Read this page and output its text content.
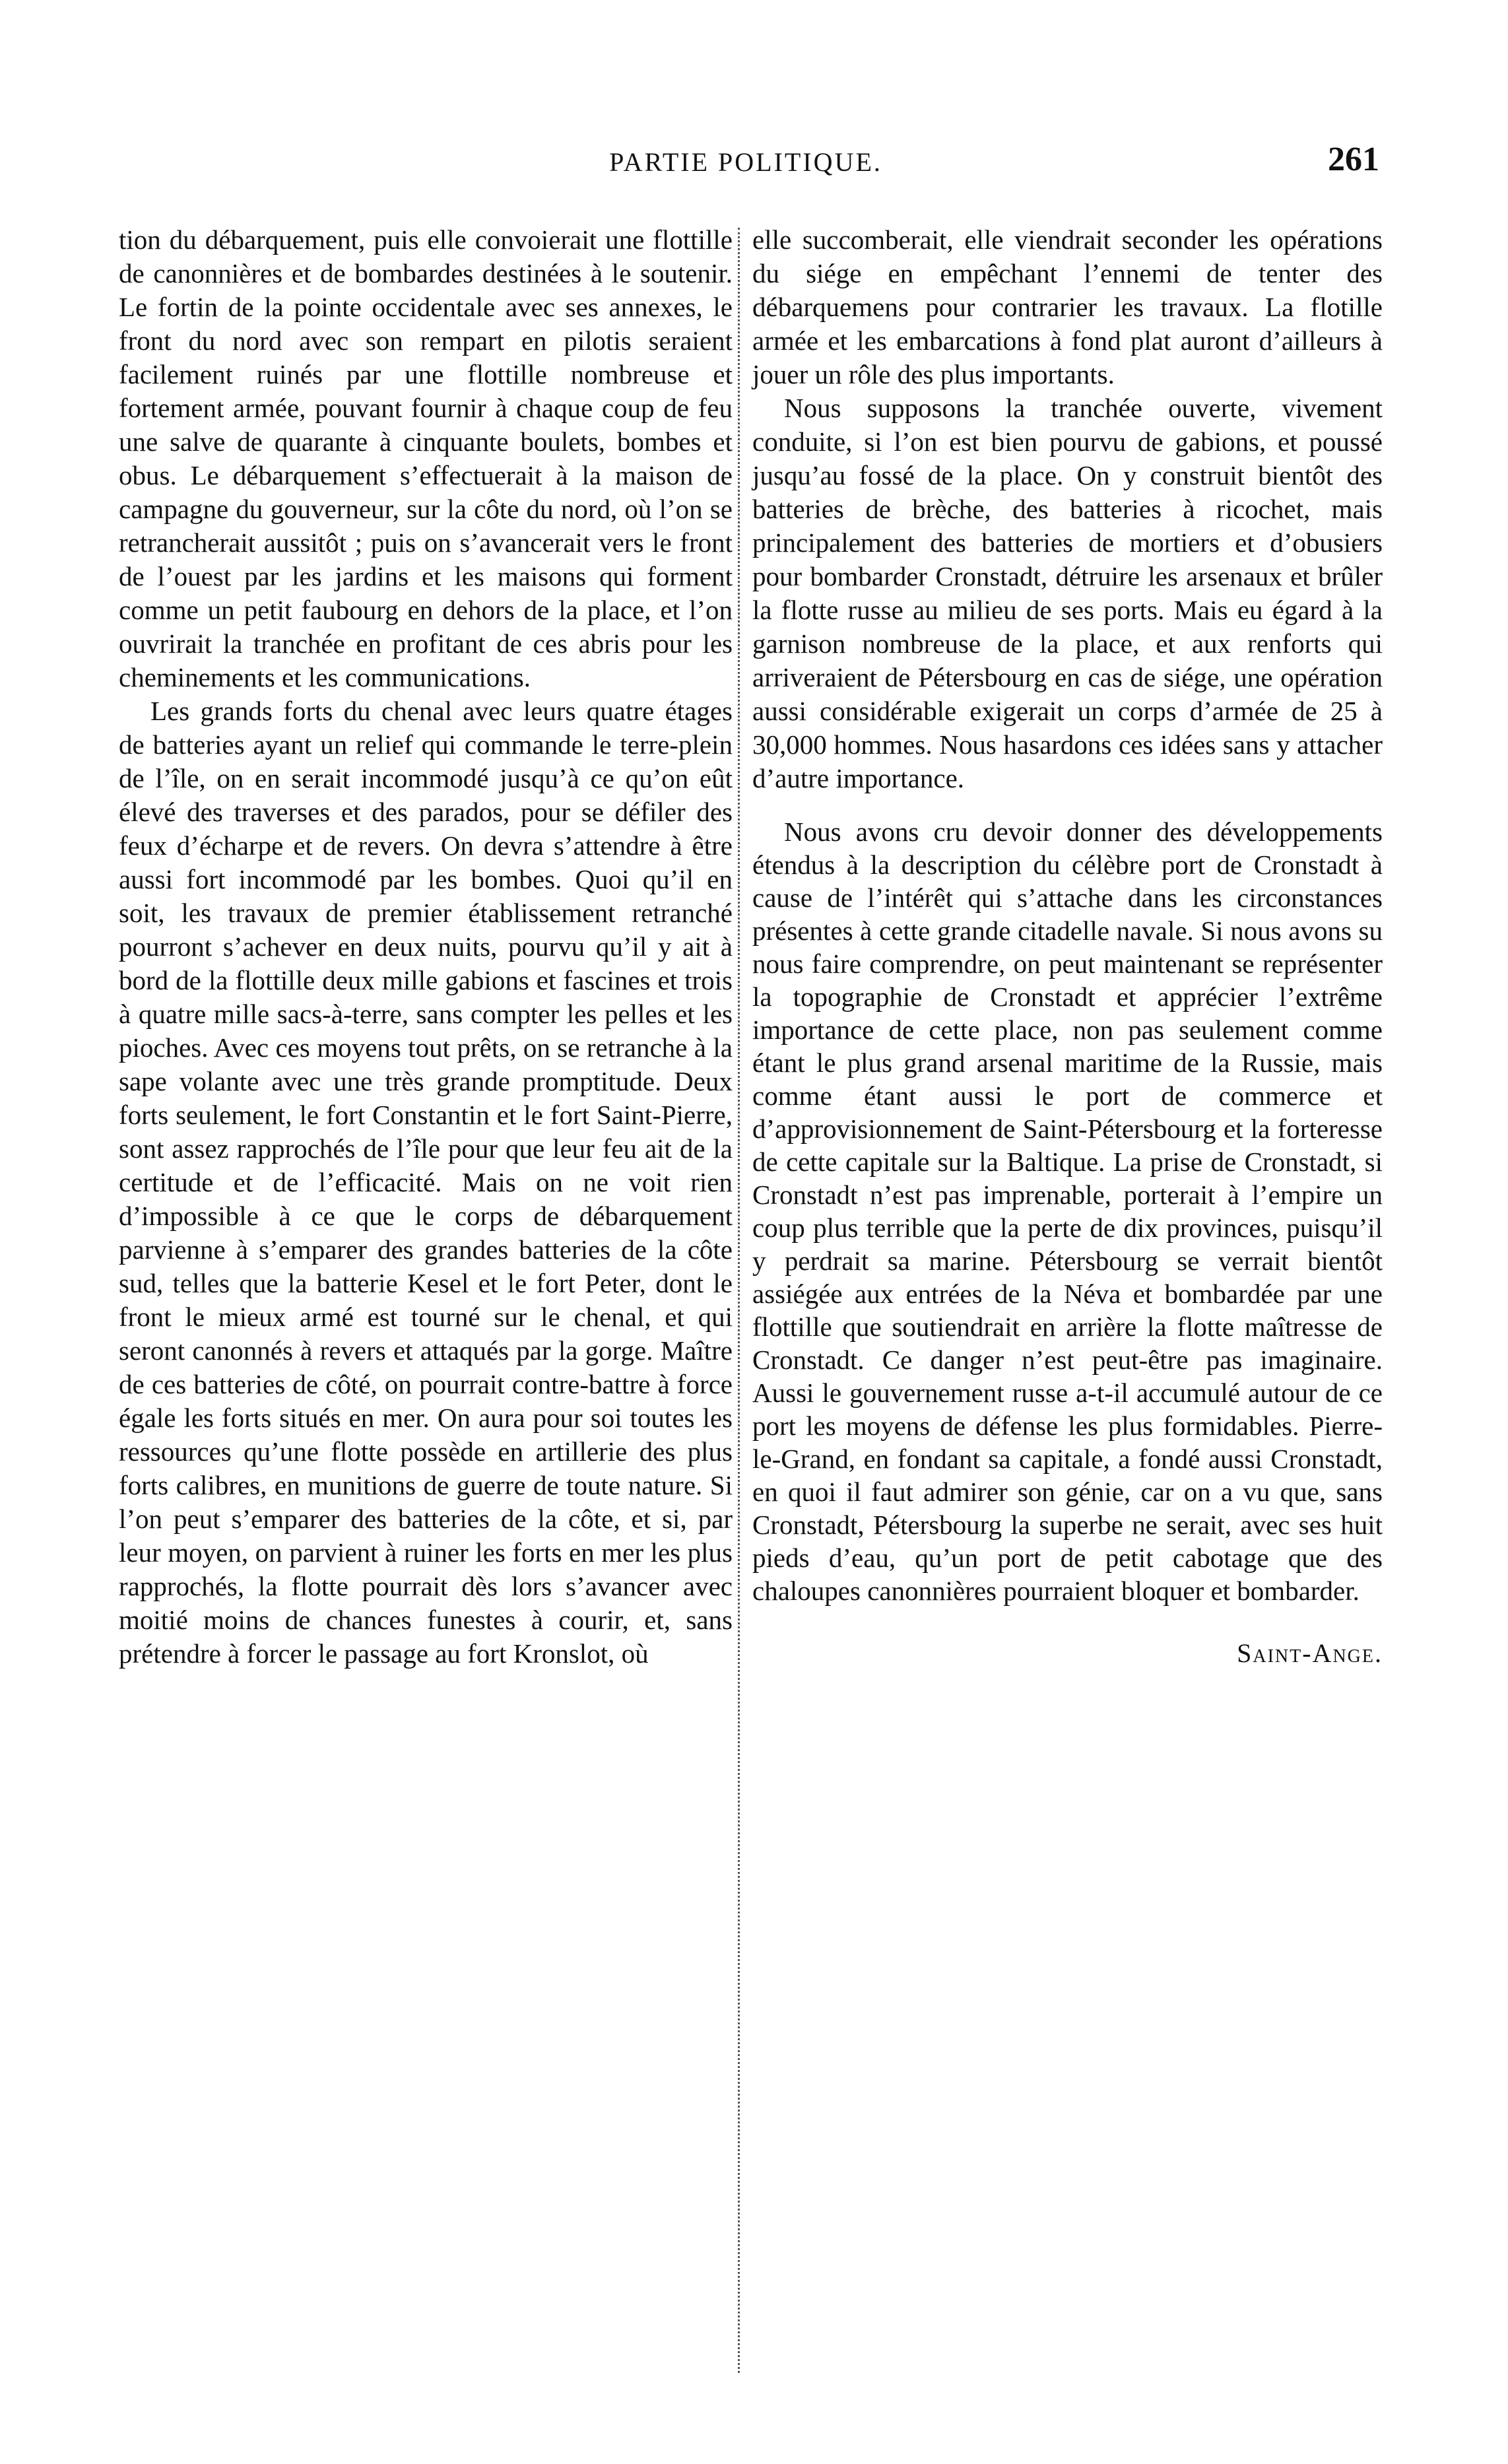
PARTIE POLITIQUE.	261

tion du débarquement, puis elle convoierait une flottille de canonnières et de bombardes destinées à le soutenir. Le fortin de la pointe occidentale avec ses annexes, le front du nord avec son rempart en pilotis seraient facilement ruinés par une flottille nombreuse et fortement armée, pouvant fournir à chaque coup de feu une salve de quarante à cinquante boulets, bombes et obus. Le débarquement s’effectuerait à la maison de campagne du gouverneur, sur la côte du nord, où l’on se retrancherait aussitôt ; puis on s’avancerait vers le front de l’ouest par les jardins et les maisons qui forment comme un petit faubourg en dehors de la place, et l’on ouvrirait la tranchée en profitant de ces abris pour les cheminements et les communications.

Les grands forts du chenal avec leurs quatre étages de batteries ayant un relief qui commande le terre-plein de l’île, on en serait incommodé jusqu’à ce qu’on eût élevé des traverses et des parados, pour se défiler des feux d’écharpe et de revers. On devra s’attendre à être aussi fort incommodé par les bombes. Quoi qu’il en soit, les travaux de premier établissement retranché pourront s’achever en deux nuits, pourvu qu’il y ait à bord de la flottille deux mille gabions et fascines et trois à quatre mille sacs-à-terre, sans compter les pelles et les pioches. Avec ces moyens tout prêts, on se retranche à la sape volante avec une très grande promptitude. Deux forts seulement, le fort Constantin et le fort Saint-Pierre, sont assez rapprochés de l’île pour que leur feu ait de la certitude et de l’efficacité. Mais on ne voit rien d’impossible à ce que le corps de débarquement parvienne à s’emparer des grandes batteries de la côte sud, telles que la batterie Kesel et le fort Peter, dont le front le mieux armé est tourné sur le chenal, et qui seront canonnés à revers et attaqués par la gorge. Maître de ces batteries de côté, on pourrait contre-battre à force égale les forts situés en mer. On aura pour soi toutes les ressources qu’une flotte possède en artillerie des plus forts calibres, en munitions de guerre de toute nature. Si l’on peut s’emparer des batteries de la côte, et si, par leur moyen, on parvient à ruiner les forts en mer les plus rapprochés, la flotte pourrait dès lors s’avancer avec moitié moins de chances funestes à courir, et, sans prétendre à forcer le passage au fort Kronslot, où

elle succomberait, elle viendrait seconder les opérations du siége en empêchant l’ennemi de tenter des débarquemens pour contrarier les travaux. La flotille armée et les embarcations à fond plat auront d’ailleurs à jouer un rôle des plus importants.

Nous supposons la tranchée ouverte, vivement conduite, si l’on est bien pourvu de gabions, et poussé jusqu’au fossé de la place. On y construit bientôt des batteries de brèche, des batteries à ricochet, mais principalement des batteries de mortiers et d’obusiers pour bombarder Cronstadt, détruire les arsenaux et brûler la flotte russe au milieu de ses ports. Mais eu égard à la garnison nombreuse de la place, et aux renforts qui arriveraient de Pétersbourg en cas de siége, une opération aussi considérable exigerait un corps d’armée de 25 à 30,000 hommes. Nous hasardons ces idées sans y attacher d’autre importance.

Nous avons cru devoir donner des développements étendus à la description du célèbre port de Cronstadt à cause de l’intérêt qui s’attache dans les circonstances présentes à cette grande citadelle navale. Si nous avons su nous faire comprendre, on peut maintenant se représenter la topographie de Cronstadt et apprécier l’extrême importance de cette place, non pas seulement comme étant le plus grand arsenal maritime de la Russie, mais comme étant aussi le port de commerce et d’approvisionnement de Saint-Pétersbourg et la forteresse de cette capitale sur la Baltique. La prise de Cronstadt, si Cronstadt n’est pas imprenable, porterait à l’empire un coup plus terrible que la perte de dix provinces, puisqu’il y perdrait sa marine. Pétersbourg se verrait bientôt assiégée aux entrées de la Néva et bombardée par une flottille que soutiendrait en arrière la flotte maîtresse de Cronstadt. Ce danger n’est peut-être pas imaginaire. Aussi le gouvernement russe a-t-il accumulé autour de ce port les moyens de défense les plus formidables. Pierre-le-Grand, en fondant sa capitale, a fondé aussi Cronstadt, en quoi il faut admirer son génie, car on a vu que, sans Cronstadt, Pétersbourg la superbe ne serait, avec ses huit pieds d’eau, qu’un port de petit cabotage que des chaloupes canonnières pourraient bloquer et bombarder.

Saint-Ange.
